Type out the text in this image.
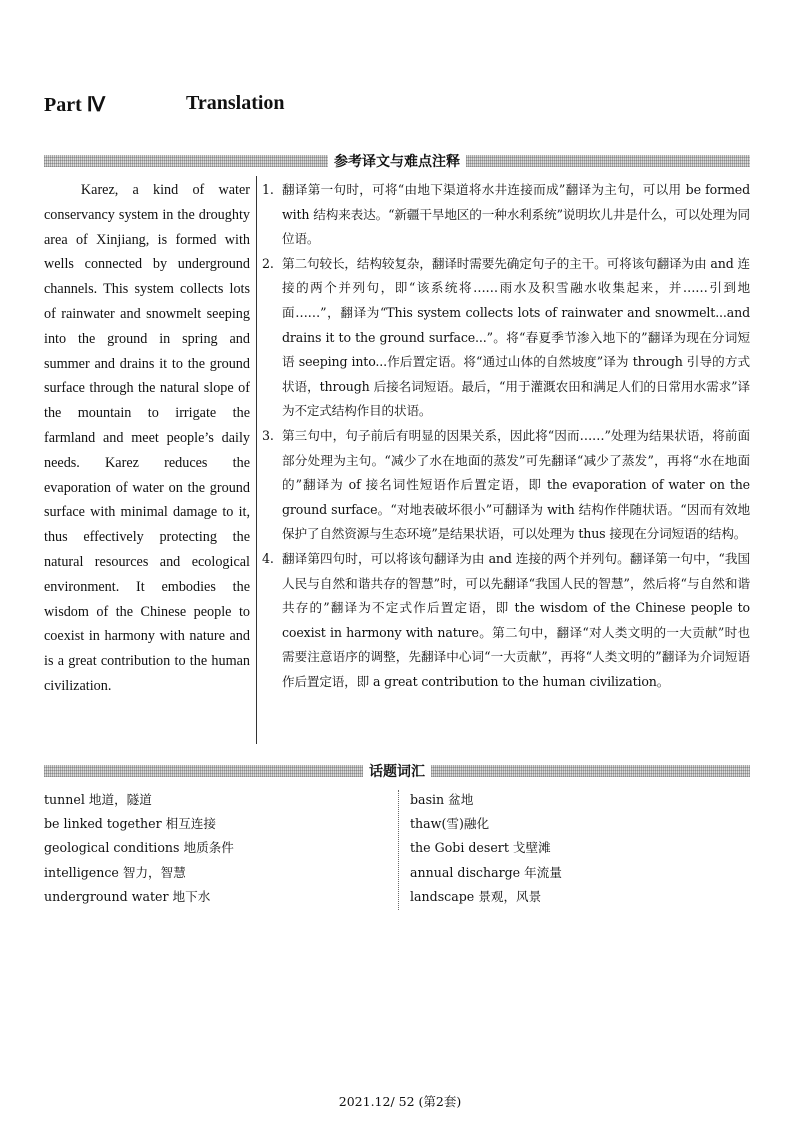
Part Ⅳ	Translation
参考译文与难点注释

Karez, a kind of water conservancy system in the droughty area of Xinjiang, is formed with wells connected by underground channels. This system collects lots of rainwater and snowmelt seeping into the ground in spring and summer and drains it to the ground surface through the natural slope of the mountain to irrigate the farmland and meet people’s daily needs. Karez reduces the evaporation of water on the ground surface with minimal damage to it, thus effectively protecting the natural resources and ecological environment. It embodies the wisdom of the Chinese people to coexist in harmony with nature and is a great contribution to the human civilization.

1. 翻译第一句时，可将“由地下渠道将水井连接而成”翻译为主句，可以用 be formed with 结构来表达。“新疆干旱地区的一种水利系统”说明坎儿井是什么，可以处理为同位语。
2. 第二句较长，结构较复杂，翻译时需要先确定句子的主干。可将该句翻译为由 and 连接的两个并列句，即“该系统将……雨水及积雪融水收集起来，并……引到地面……”，翻译为“This system collects lots of rainwater and snowmelt...and drains it to the ground surface...”。将“春夏季节渗入地下的”翻译为现在分词短语 seeping into...作后置定语。将“通过山体的自然坡度”译为 through 引导的方式状语，through 后接名词短语。最后，“用于灌溉农田和满足人们的日常用水需求”译为不定式结构作目的状语。
3. 第三句中，句子前后有明显的因果关系，因此将“因而……”处理为结果状语，将前面部分处理为主句。“减少了水在地面的蒸发”可先翻译“减少了蒸发”，再将“水在地面的”翻译为 of 接名词性短语作后置定语，即 the evaporation of water on the ground surface。“对地表破坏很小”可翻译为 with 结构作伴随状语。“因而有效地保护了自然资源与生态环境”是结果状语，可以处理为 thus 接现在分词短语的结构。
4. 翻译第四句时，可以将该句翻译为由 and 连接的两个并列句。翻译第一句中，“我国人民与自然和谐共存的智慧”时，可以先翻译“我国人民的智慧”，然后将“与自然和谐共存的”翻译为不定式作后置定语，即 the wisdom of the Chinese people to coexist in harmony with nature。第二句中，翻译“对人类文明的一大贡献”时也需要注意语序的调整，先翻译中心词“一大贡献”，再将“人类文明的”翻译为介词短语作后置定语，即 a great contribution to the human civilization。
话题词汇
tunnel 地道，隧道
be linked together 相互连接
geological conditions 地质条件
intelligence 智力，智慧
underground water 地下水
basin 盆地
thaw(雪)融化
the Gobi desert 戈壁滩
annual discharge 年流量
landscape 景观，风景
2021.12/ 52 (第2套)
